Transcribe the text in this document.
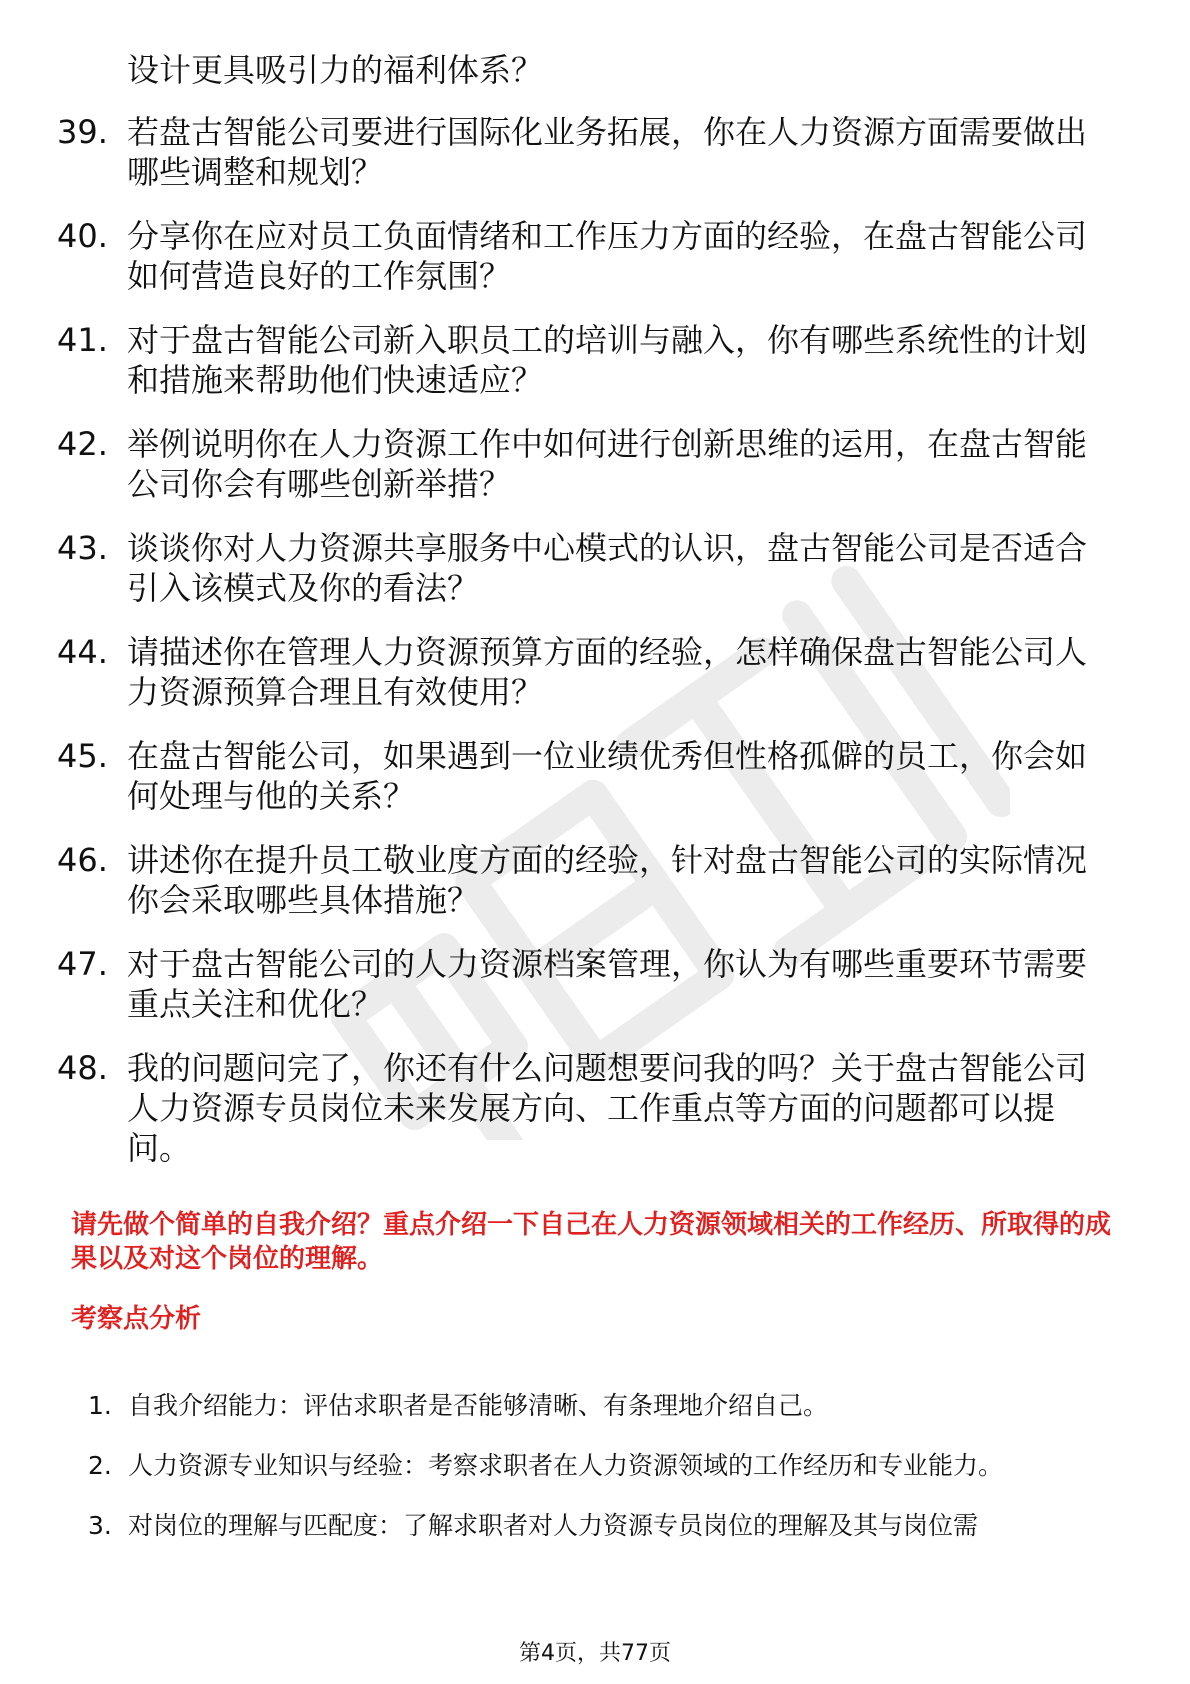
设计更具吸引力的福利体系？
39. 若盘古智能公司要进行国际化业务拓展，你在人力资源方面需要做出哪些调整和规划？
40. 分享你在应对员工负面情绪和工作压力方面的经验，在盘古智能公司如何营造良好的工作氛围？
41. 对于盘古智能公司新入职员工的培训与融入，你有哪些系统性的计划和措施来帮助他们快速适应？
42. 举例说明你在人力资源工作中如何进行创新思维的运用，在盘古智能公司你会有哪些创新举措？
43. 谈谈你对人力资源共享服务中心模式的认识，盘古智能公司是否适合引入该模式及你的看法？
44. 请描述你在管理人力资源预算方面的经验，怎样确保盘古智能公司人力资源预算合理且有效使用？
45. 在盘古智能公司，如果遇到一位业绩优秀但性格孤僻的员工，你会如何处理与他的关系？
46. 讲述你在提升员工敬业度方面的经验，针对盘古智能公司的实际情况你会采取哪些具体措施？
47. 对于盘古智能公司的人力资源档案管理，你认为有哪些重要环节需要重点关注和优化？
48. 我的问题问完了，你还有什么问题想要问我的吗？关于盘古智能公司人力资源专员岗位未来发展方向、工作重点等方面的问题都可以提问。

请先做个简单的自我介绍？重点介绍一下自己在人力资源领域相关的工作经历、所取得的成果以及对这个岗位的理解。

考察点分析

1. 自我介绍能力：评估求职者是否能够清晰、有条理地介绍自己。
2. 人力资源专业知识与经验：考察求职者在人力资源领域的工作经历和专业能力。
3. 对岗位的理解与匹配度：了解求职者对人力资源专员岗位的理解及其与岗位需
第4页，共77页
